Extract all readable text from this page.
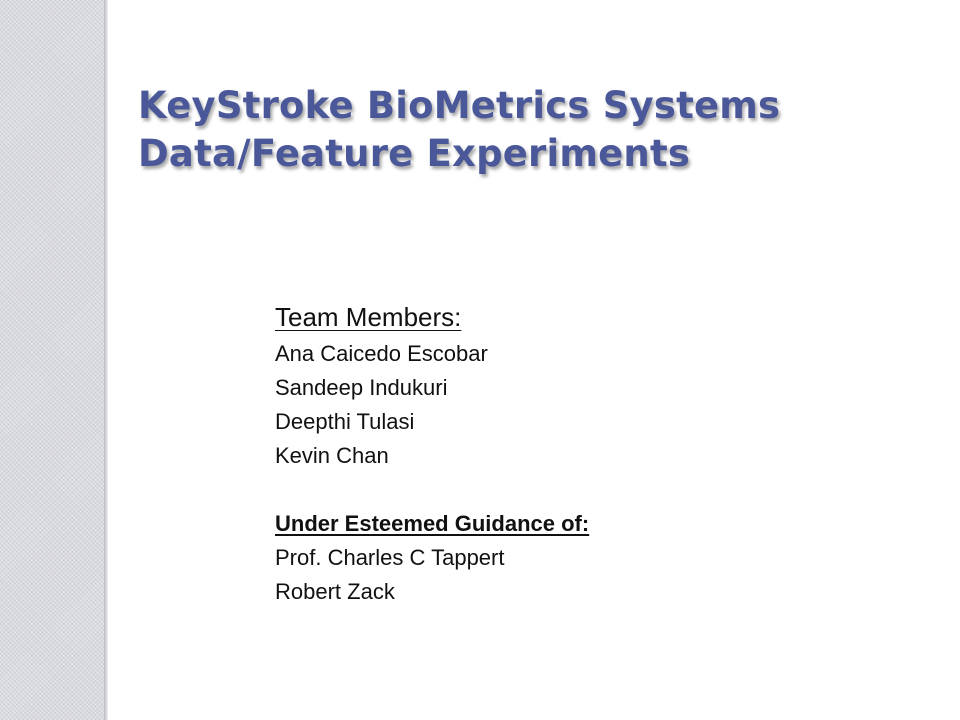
KeyStroke BioMetrics Systems
Data/Feature Experiments
Team Members:
Ana Caicedo Escobar
Sandeep Indukuri
Deepthi Tulasi
Kevin Chan
Under Esteemed Guidance of:
Prof. Charles C Tappert
Robert Zack
